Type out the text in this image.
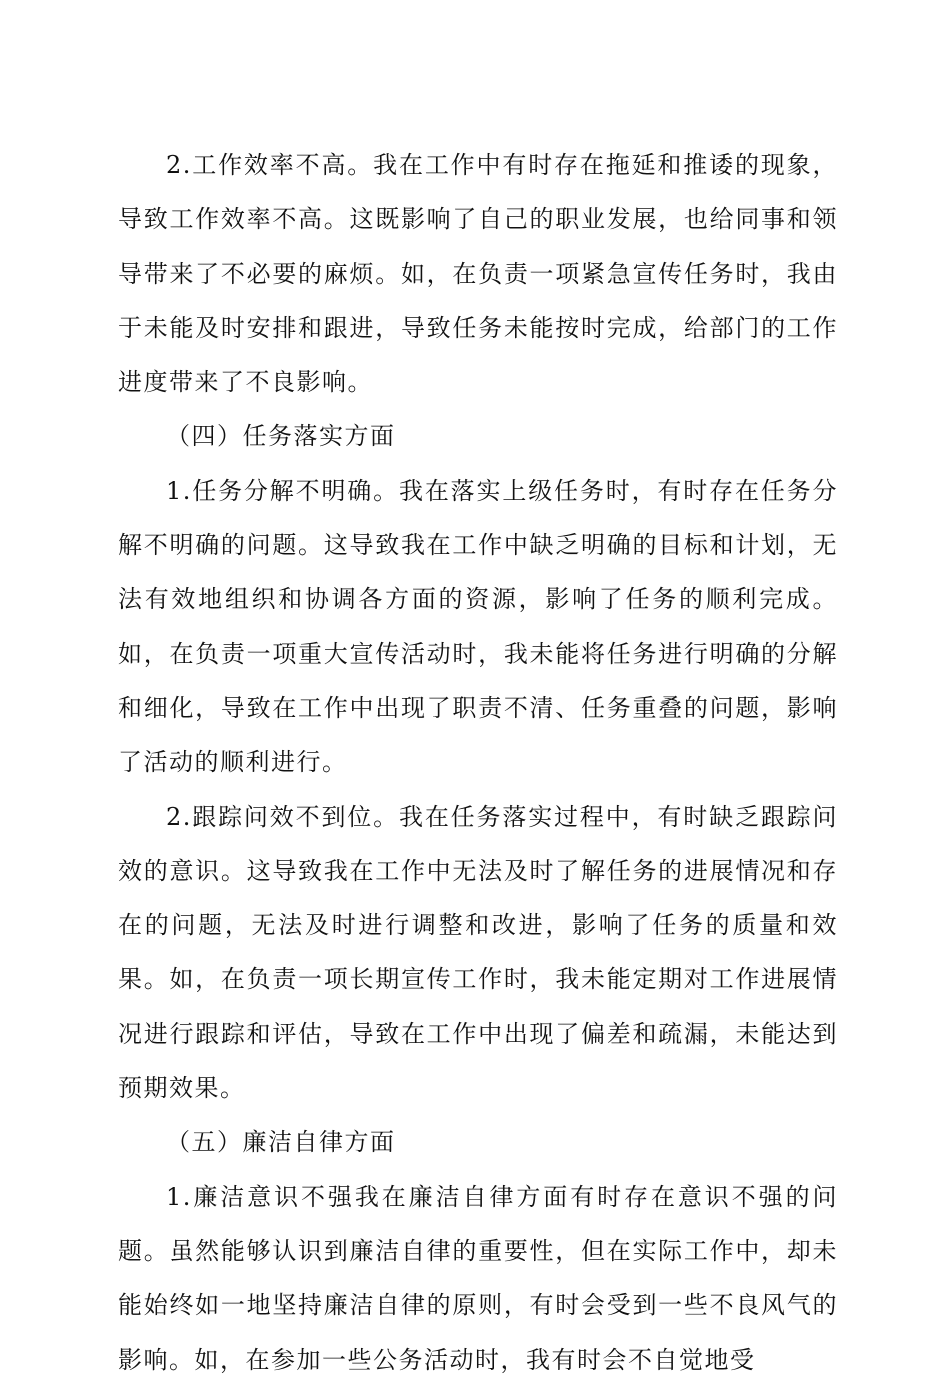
2.工作效率不高。我在工作中有时存在拖延和推诿的现象，导致工作效率不高。这既影响了自己的职业发展，也给同事和领导带来了不必要的麻烦。如，在负责一项紧急宣传任务时，我由于未能及时安排和跟进，导致任务未能按时完成，给部门的工作进度带来了不良影响。
（四）任务落实方面
1.任务分解不明确。我在落实上级任务时，有时存在任务分解不明确的问题。这导致我在工作中缺乏明确的目标和计划，无法有效地组织和协调各方面的资源，影响了任务的顺利完成。如，在负责一项重大宣传活动时，我未能将任务进行明确的分解和细化，导致在工作中出现了职责不清、任务重叠的问题，影响了活动的顺利进行。
2.跟踪问效不到位。我在任务落实过程中，有时缺乏跟踪问效的意识。这导致我在工作中无法及时了解任务的进展情况和存在的问题，无法及时进行调整和改进，影响了任务的质量和效果。如，在负责一项长期宣传工作时，我未能定期对工作进展情况进行跟踪和评估，导致在工作中出现了偏差和疏漏，未能达到预期效果。
（五）廉洁自律方面
1.廉洁意识不强我在廉洁自律方面有时存在意识不强的问题。虽然能够认识到廉洁自律的重要性，但在实际工作中，却未能始终如一地坚持廉洁自律的原则，有时会受到一些不良风气的影响。如，在参加一些公务活动时，我有时会不自觉地受
